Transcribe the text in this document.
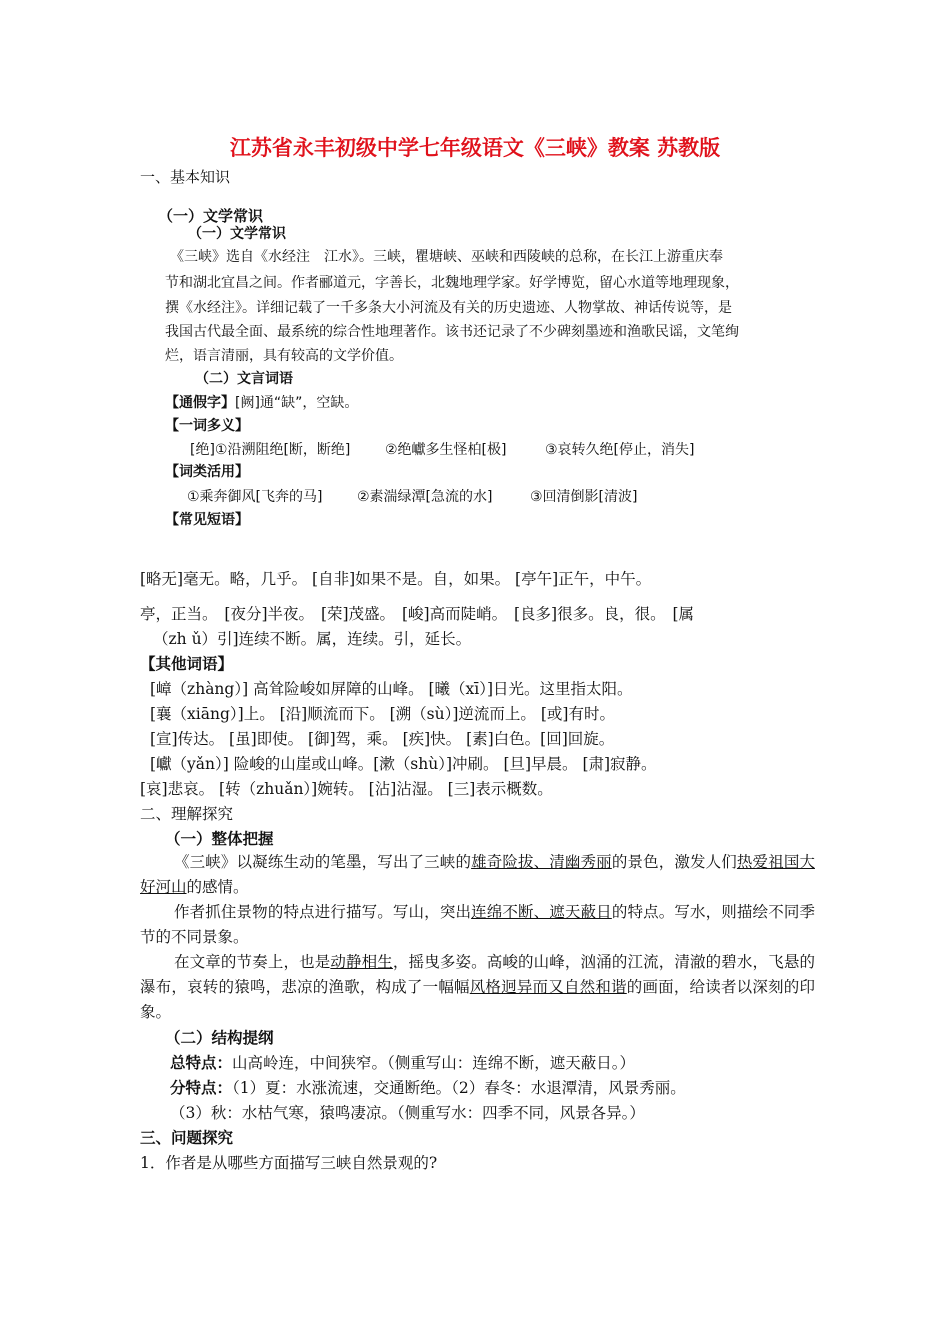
江苏省永丰初级中学七年级语文《三峡》教案 苏教版
一、基本知识
（一）文学常识
（一）文学常识
《三峡》选自《水经注　江水》。三峡，瞿塘峡、巫峡和西陵峡的总称，在长江上游重庆奉
节和湖北宜昌之间。作者郦道元，字善长，北魏地理学家。好学博览，留心水道等地理现象，
撰《水经注》。详细记载了一千多条大小河流及有关的历史遗迹、人物掌故、神话传说等，是
我国古代最全面、最系统的综合性地理著作。该书还记录了不少碑刻墨迹和渔歌民谣，文笔绚
烂，语言清丽，具有较高的文学价值。
（二）文言词语
【通假字】[阙]通“缺”，空缺。
【一词多义】
[绝]①沿溯阻绝[断，断绝] ②绝巘多生怪柏[极]	③哀转久绝[停止，消失]
【词类活用】
①乘奔御风[飞奔的马] ②素湍绿潭[急流的水]	③回清倒影[清波]
【常见短语】
[略无]毫无。略，几乎。 [自非]如果不是。自，如果。 [亭午]正午，中午。
亭，正当。 [夜分]半夜。 [荣]茂盛。 [峻]高而陡峭。 [良多]很多。良，很。 [属
（zh ǔ）引]连续不断。属，连续。引，延长。
【其他词语】
[嶂（zhàng）] 高耸险峻如屏障的山峰。 [曦（xī）]日光。这里指太阳。
[襄（xiāng）]上。 [沿]顺流而下。 [溯（sù）]逆流而上。 [或]有时。
[宣]传达。 [虽]即使。 [御]驾，乘。 [疾]快。 [素]白色。[回]回旋。
[巘（yǎn）] 险峻的山崖或山峰。[漱（shù）]冲刷。 [旦]早晨。 [肃]寂静。
[哀]悲哀。 [转（zhuǎn）]婉转。 [沾]沾湿。 [三]表示概数。
二、理解探究
（一）整体把握
《三峡》以凝练生动的笔墨，写出了三峡的雄奇险拔、清幽秀丽的景色，激发人们热爱祖国大好河山的感情。
作者抓住景物的特点进行描写。写山，突出连绵不断、遮天蔽日的特点。写水，则描绘不同季节的不同景象。
在文章的节奏上，也是动静相生，摇曳多姿。高峻的山峰，汹涌的江流，清澈的碧水，飞悬的瀑布，哀转的猿鸣，悲凉的渔歌，构成了一幅幅风格迥异而又自然和谐的画面，给读者以深刻的印象。
（二）结构提纲
总特点：山高岭连，中间狭窄。（侧重写山：连绵不断，遮天蔽日。）
分特点：（1）夏：水涨流速，交通断绝。（2）春冬：水退潭清，风景秀丽。
（3）秋：水枯气寒，猿鸣凄凉。（侧重写水：四季不同，风景各异。）
三、问题探究
1．作者是从哪些方面描写三峡自然景观的?
